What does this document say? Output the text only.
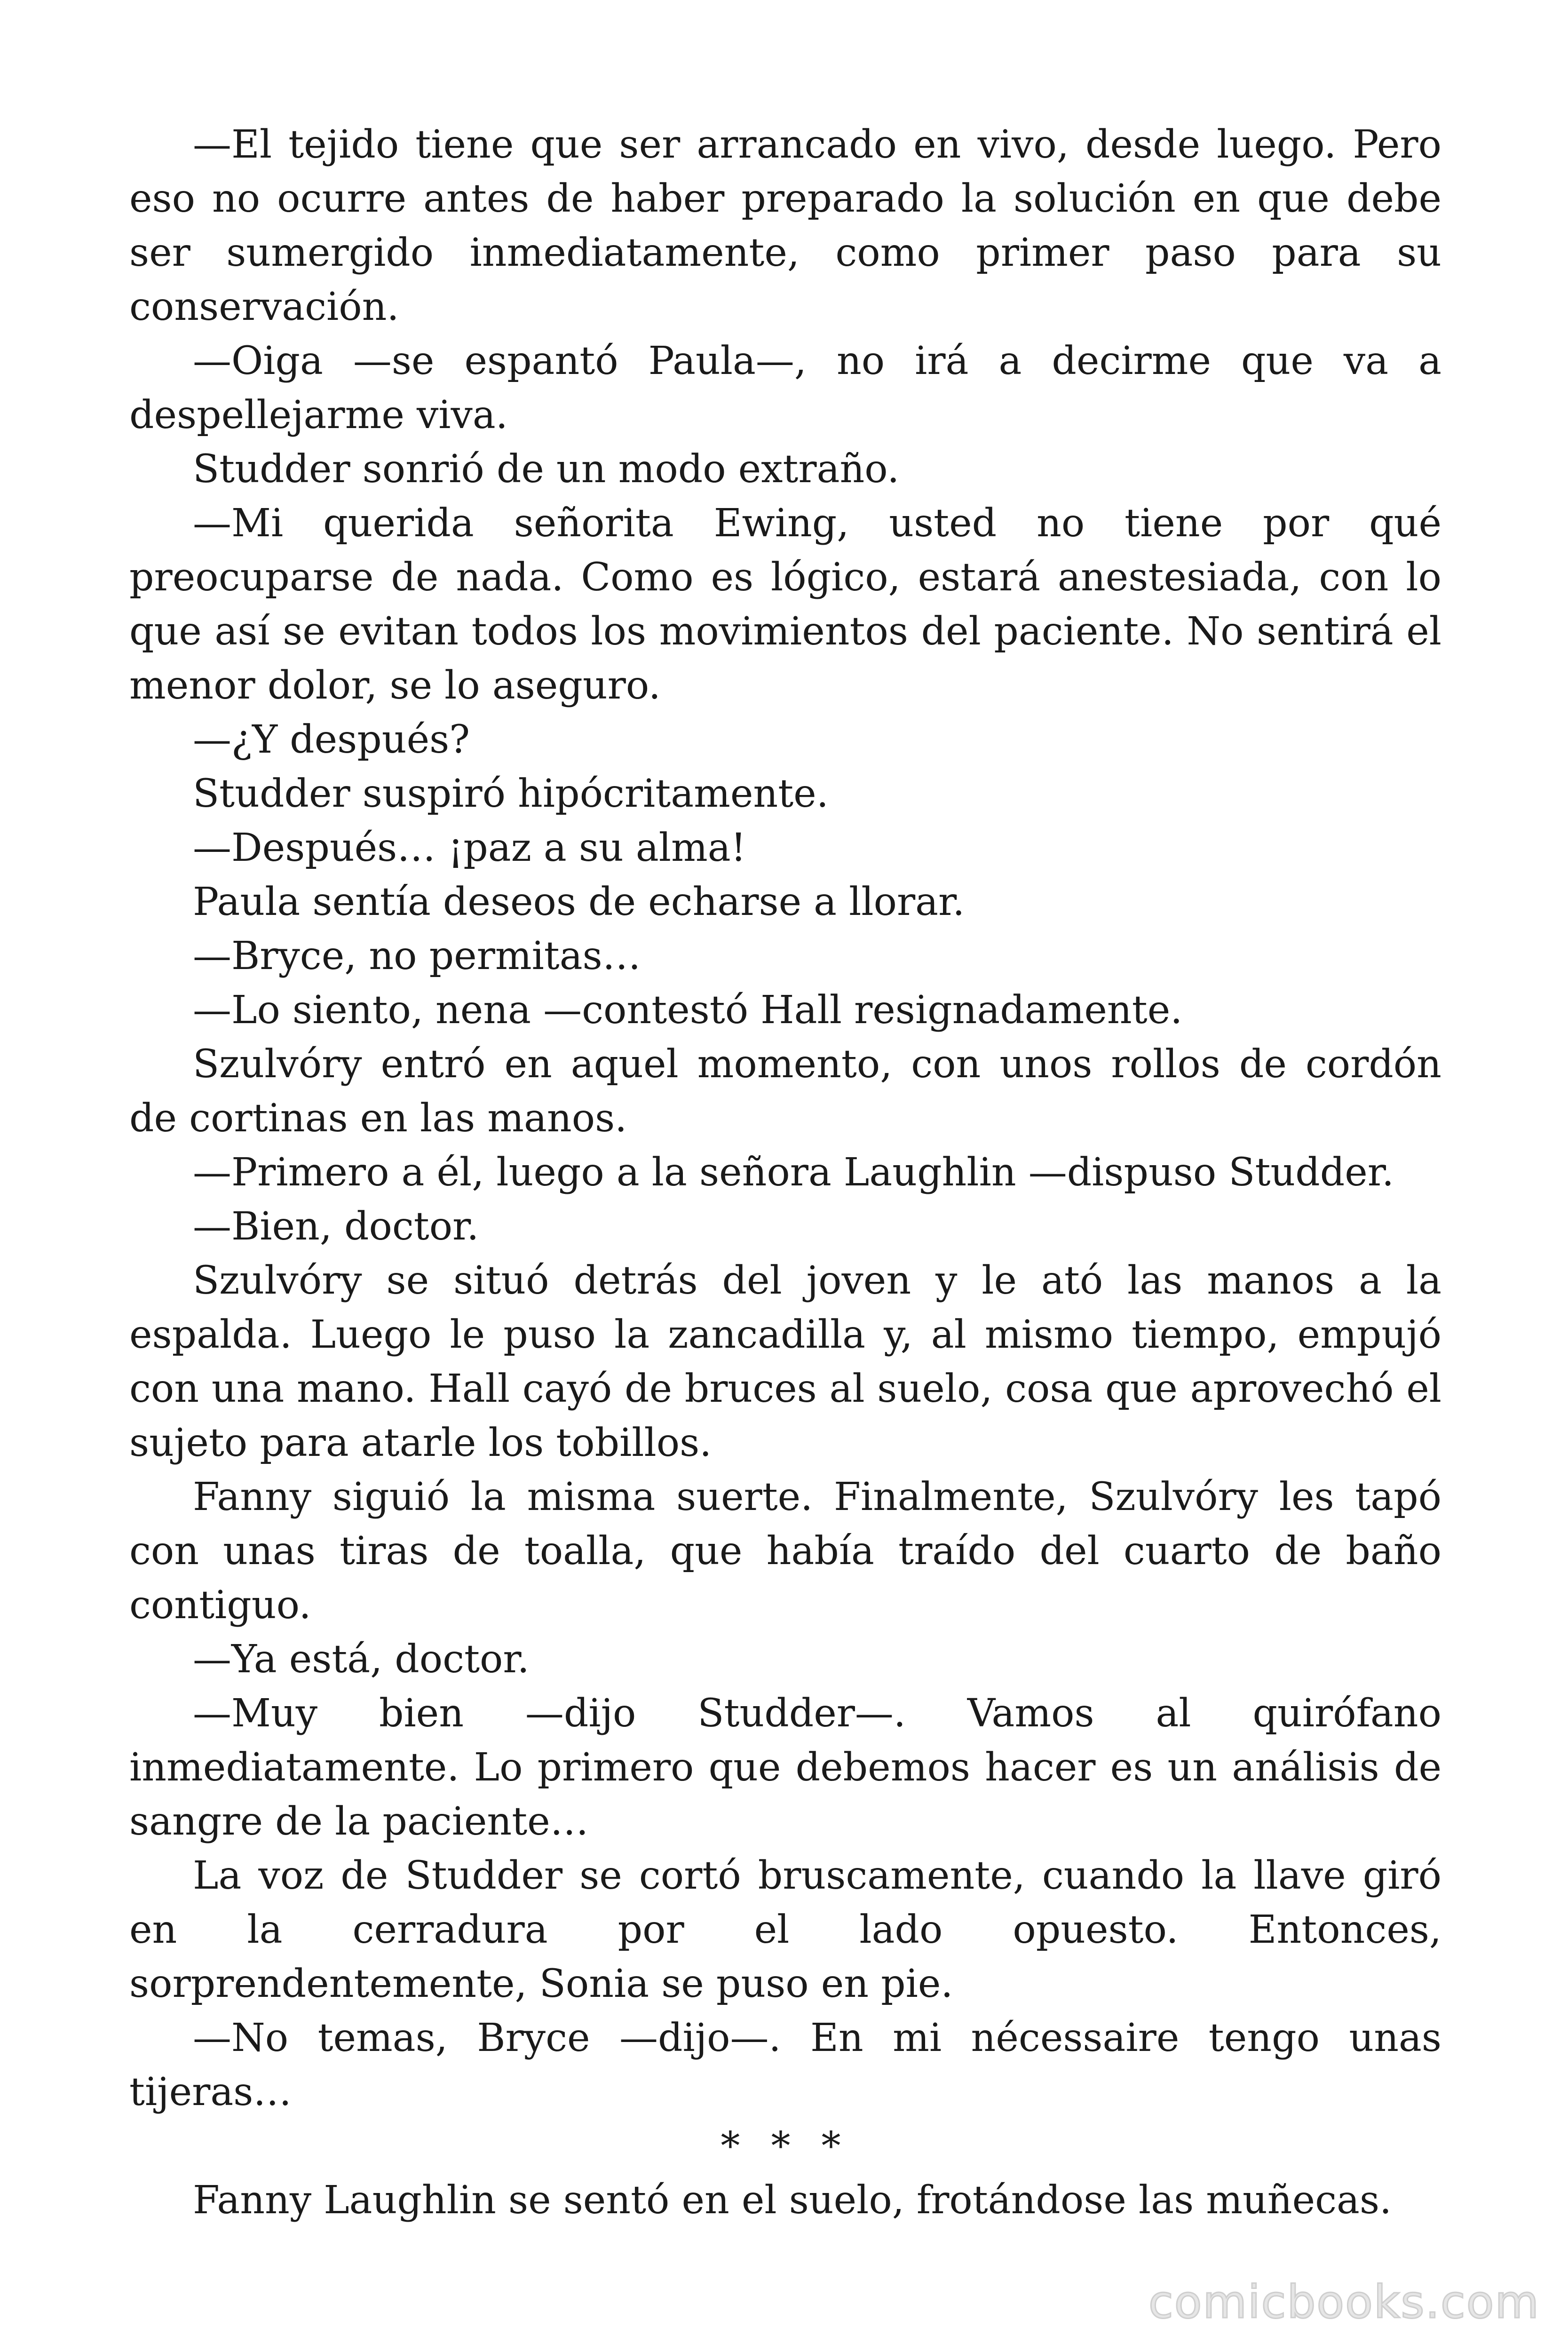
—El tejido tiene que ser arrancado en vivo, desde luego. Pero eso no ocurre antes de haber preparado la solución en que debe ser sumergido inmediatamente, como primer paso para su conservación.

—Oiga —se espantó Paula—, no irá a decirme que va a despellejarme viva.

Studder sonrió de un modo extraño.

—Mi querida señorita Ewing, usted no tiene por qué preocuparse de nada. Como es lógico, estará anestesiada, con lo que así se evitan todos los movimientos del paciente. No sentirá el menor dolor, se lo aseguro.

—¿Y después?

Studder suspiró hipócritamente.

—Después… ¡paz a su alma!

Paula sentía deseos de echarse a llorar.

—Bryce, no permitas…

—Lo siento, nena —contestó Hall resignadamente.

Szulvóry entró en aquel momento, con unos rollos de cordón de cortinas en las manos.

—Primero a él, luego a la señora Laughlin —dispuso Studder.

—Bien, doctor.

Szulvóry se situó detrás del joven y le ató las manos a la espalda. Luego le puso la zancadilla y, al mismo tiempo, empujó con una mano. Hall cayó de bruces al suelo, cosa que aprovechó el sujeto para atarle los tobillos.

Fanny siguió la misma suerte. Finalmente, Szulvóry les tapó con unas tiras de toalla, que había traído del cuarto de baño contiguo.

—Ya está, doctor.

—Muy bien —dijo Studder—. Vamos al quirófano inmediatamente. Lo primero que debemos hacer es un análisis de sangre de la paciente…

La voz de Studder se cortó bruscamente, cuando la llave giró en la cerradura por el lado opuesto. Entonces, sorprendentemente, Sonia se puso en pie.

—No temas, Bryce —dijo—. En mi nécessaire tengo unas tijeras…

* * *

Fanny Laughlin se sentó en el suelo, frotándose las muñecas.

comicbooks.com
